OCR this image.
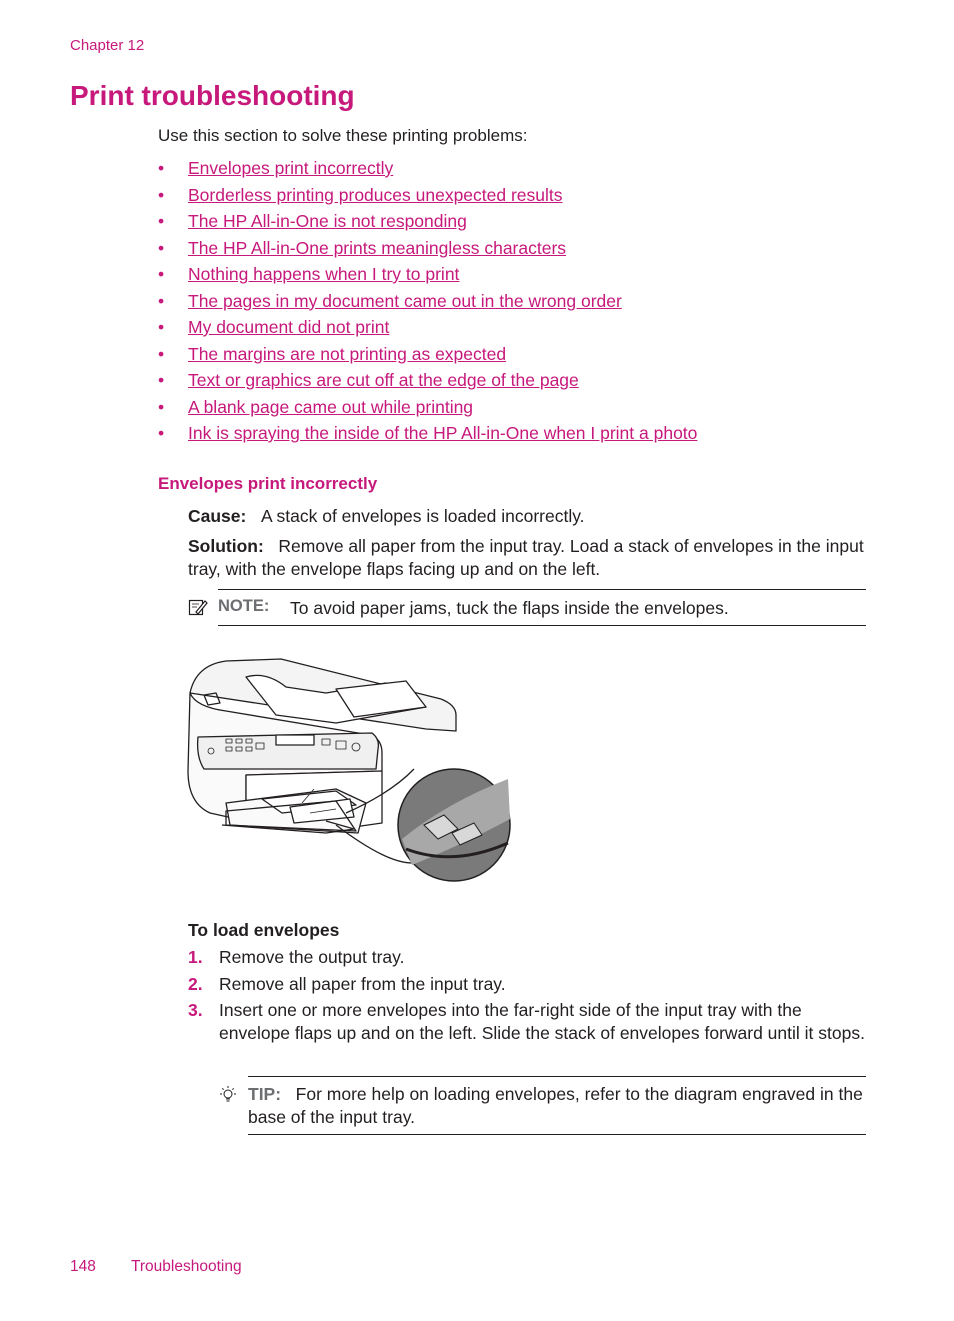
Chapter 12
Print troubleshooting
Use this section to solve these printing problems:
• Envelopes print incorrectly
• Borderless printing produces unexpected results
• The HP All-in-One is not responding
• The HP All-in-One prints meaningless characters
• Nothing happens when I try to print
• The pages in my document came out in the wrong order
• My document did not print
• The margins are not printing as expected
• Text or graphics are cut off at the edge of the page
• A blank page came out while printing
• Ink is spraying the inside of the HP All-in-One when I print a photo
Envelopes print incorrectly
Cause: A stack of envelopes is loaded incorrectly.
Solution: Remove all paper from the input tray. Load a stack of envelopes in the input tray, with the envelope flaps facing up and on the left.
NOTE: To avoid paper jams, tuck the flaps inside the envelopes.
To load envelopes
1. Remove the output tray.
2. Remove all paper from the input tray.
3. Insert one or more envelopes into the far-right side of the input tray with the envelope flaps up and on the left. Slide the stack of envelopes forward until it stops.
TIP: For more help on loading envelopes, refer to the diagram engraved in the base of the input tray.
148 Troubleshooting
